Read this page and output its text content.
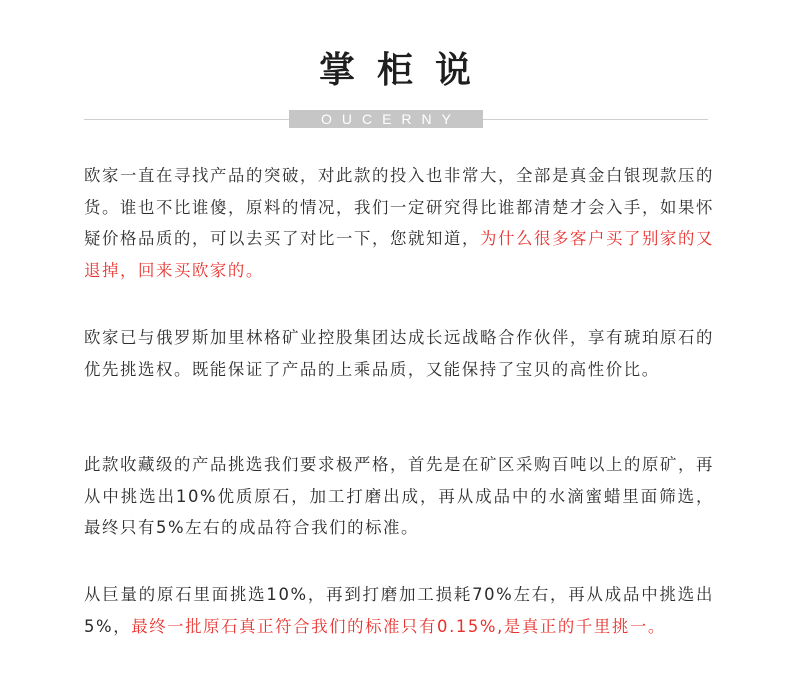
掌柜说
OUCERNY

欧家一直在寻找产品的突破，对此款的投入也非常大，全部是真金白银现款压的货。谁也不比谁傻，原料的情况，我们一定研究得比谁都清楚才会入手，如果怀疑价格品质的，可以去买了对比一下，您就知道，为什么很多客户买了别家的又退掉，回来买欧家的。

欧家已与俄罗斯加里林格矿业控股集团达成长远战略合作伙伴，享有琥珀原石的优先挑选权。既能保证了产品的上乘品质，又能保持了宝贝的高性价比。

此款收藏级的产品挑选我们要求极严格，首先是在矿区采购百吨以上的原矿，再从中挑选出10%优质原石，加工打磨出成，再从成品中的水滴蜜蜡里面筛选，最终只有5%左右的成品符合我们的标准。

从巨量的原石里面挑选10%，再到打磨加工损耗70%左右，再从成品中挑选出5%，最终一批原石真正符合我们的标准只有0.15%,是真正的千里挑一。
